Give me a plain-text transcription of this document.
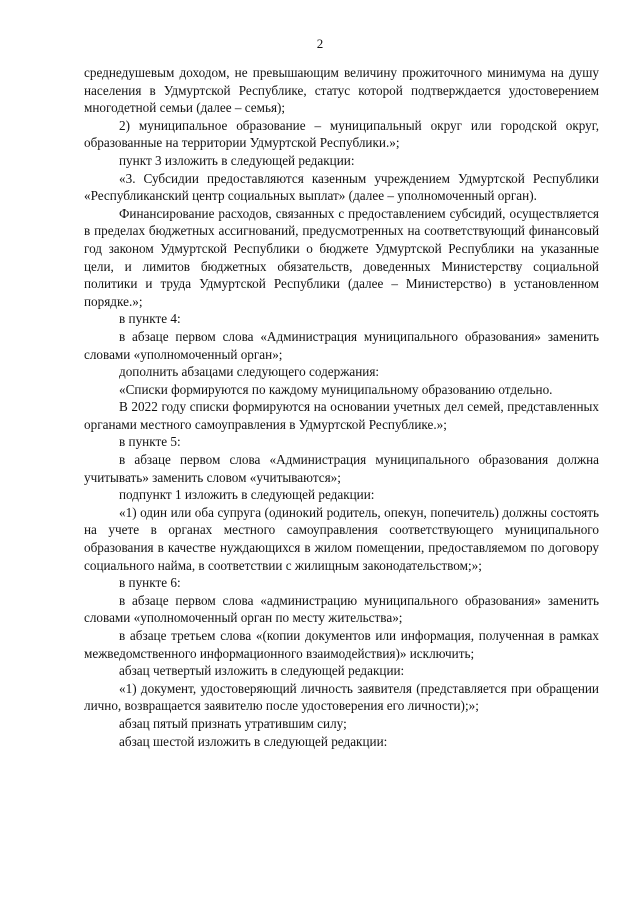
2

среднедушевым доходом, не превышающим величину прожиточного минимума на душу населения в Удмуртской Республике, статус которой подтверждается удостоверением многодетной семьи (далее – семья);

2) муниципальное образование – муниципальный округ или городской округ, образованные на территории Удмуртской Республики.»;

пункт 3 изложить в следующей редакции:

«3. Субсидии предоставляются казенным учреждением Удмуртской Республики «Республиканский центр социальных выплат» (далее – уполномоченный орган).

Финансирование расходов, связанных с предоставлением субсидий, осуществляется в пределах бюджетных ассигнований, предусмотренных на соответствующий финансовый год законом Удмуртской Республики о бюджете Удмуртской Республики на указанные цели, и лимитов бюджетных обязательств, доведенных Министерству социальной политики и труда Удмуртской Республики (далее – Министерство) в установленном порядке.»;

в пункте 4:

в абзаце первом слова «Администрация муниципального образования» заменить словами «уполномоченный орган»;

дополнить абзацами следующего содержания:

«Списки формируются по каждому муниципальному образованию отдельно.

В 2022 году списки формируются на основании учетных дел семей, представленных органами местного самоуправления в Удмуртской Республике.»;

в пункте 5:

в абзаце первом слова «Администрация муниципального образования должна учитывать» заменить словом «учитываются»;

подпункт 1 изложить в следующей редакции:

«1) один или оба супруга (одинокий родитель, опекун, попечитель) должны состоять на учете в органах местного самоуправления соответствующего муниципального образования в качестве нуждающихся в жилом помещении, предоставляемом по договору социального найма, в соответствии с жилищным законодательством;»;

в пункте 6:

в абзаце первом слова «администрацию муниципального образования» заменить словами «уполномоченный орган по месту жительства»;

в абзаце третьем слова «(копии документов или информация, полученная в рамках межведомственного информационного взаимодействия)» исключить;

абзац четвертый изложить в следующей редакции:

«1) документ, удостоверяющий личность заявителя (представляется при обращении лично, возвращается заявителю после удостоверения его личности);»;

абзац пятый признать утратившим силу;

абзац шестой изложить в следующей редакции:
